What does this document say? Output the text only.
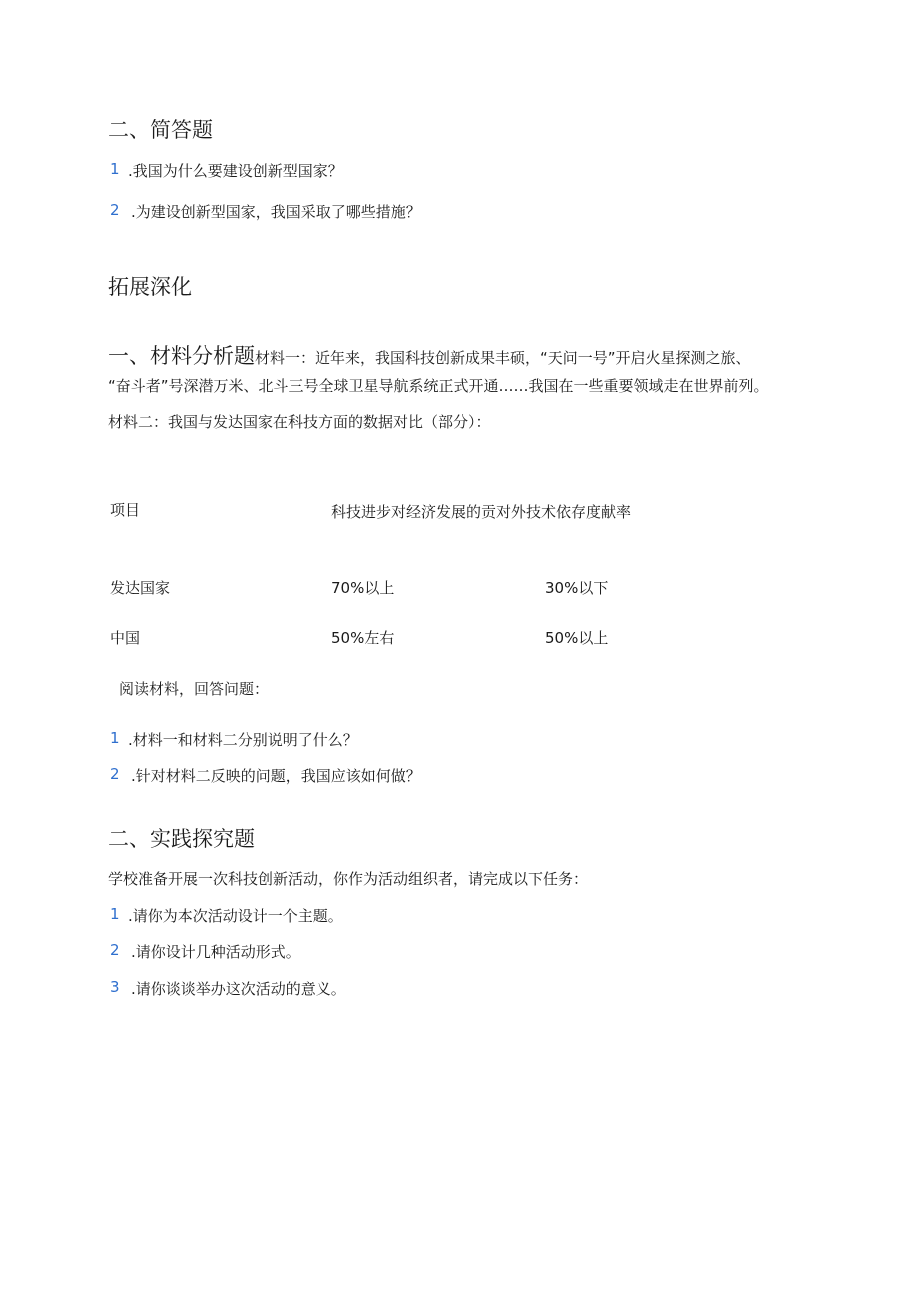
二、简答题
1 .我国为什么要建设创新型国家？
2 .为建设创新型国家，我国采取了哪些措施？
拓展深化
一、材料分析题材料一：近年来，我国科技创新成果丰硕，“天问一号”开启火星探测之旅、
“奋斗者”号深潜万米、北斗三号全球卫星导航系统正式开通……我国在一些重要领域走在世界前列。
材料二：我国与发达国家在科技方面的数据对比（部分）：
项目	科技进步对经济发展的贡对外技术依存度献率
发达国家	70%以上	30%以下
中国	50%左右	50%以上
阅读材料，回答问题：
1 .材料一和材料二分别说明了什么？
2 .针对材料二反映的问题，我国应该如何做？
二、实践探究题
学校准备开展一次科技创新活动，你作为活动组织者，请完成以下任务：
1 .请你为本次活动设计一个主题。
2 .请你设计几种活动形式。
3 .请你谈谈举办这次活动的意义。
